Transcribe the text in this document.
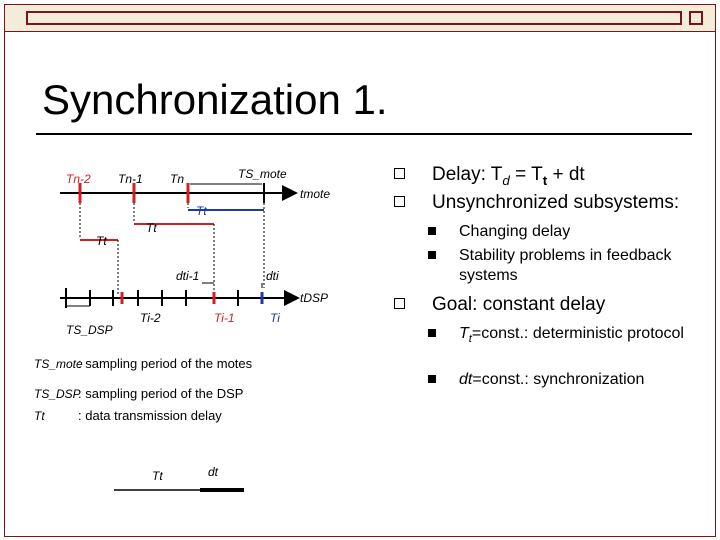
Synchronization 1.
Tn-2 Tn-1 Tn	TS_mote
tmote
Tt
Tt
Tt
dti-1	dti
tDSP
Ti-2	Ti-1	Ti
TS_DSP
TS_mote
: sampling period of the motes
TS_DSP
: sampling period of the DSP
Tt	: data transmission delay
Tt	dt
Delay: $T_d = T_t$ + dt
Unsynchronized subsystems:
Changing delay
Stability problems in feedback systems
Goal: constant delay
$T_t=const$.: deterministic protocol
dt=const.: synchronization
